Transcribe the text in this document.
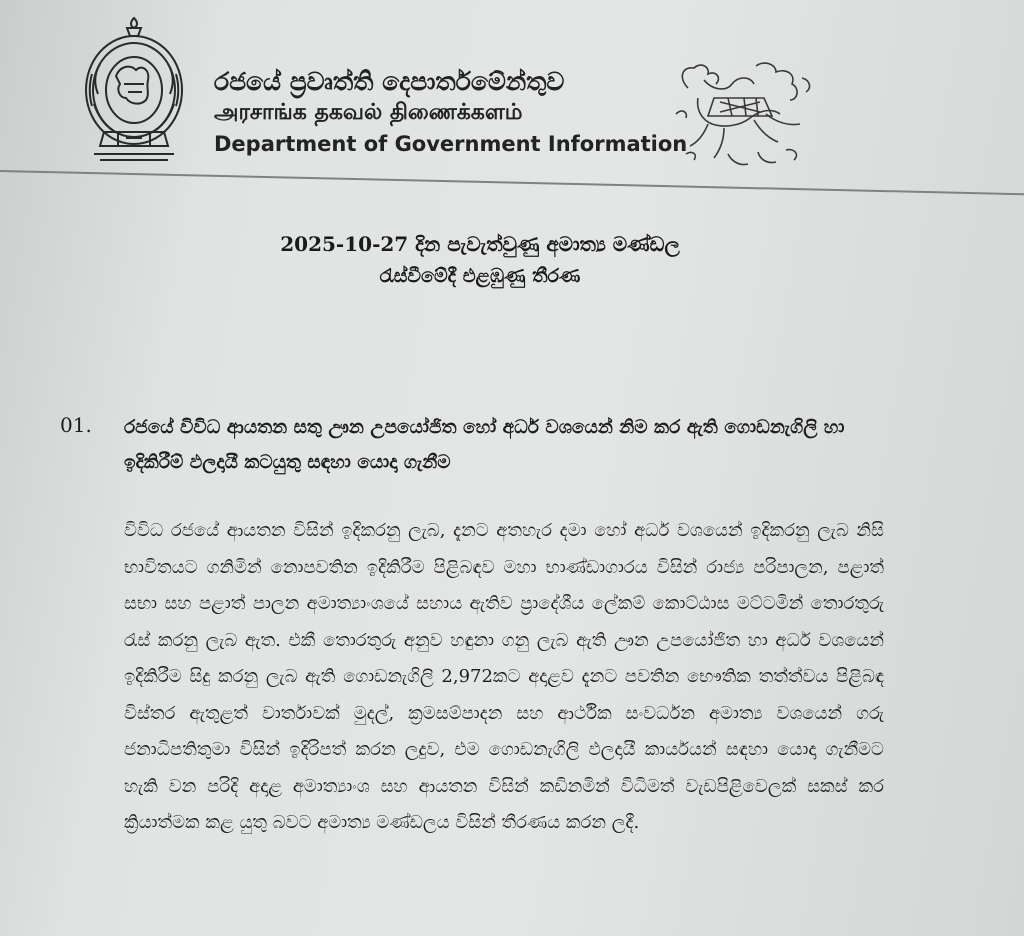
රජයේ ප්‍රවෘත්ති දෙපාර්තමේන්තුව
அரசாங்க தகவல் திணைக்களம்
Department of Government Information
2025-10-27 දින පැවැත්වුණු අමාත්‍ය මණ්ඩල
රැස්වීමේදී එළඹුණු තීරණ
01. රජයේ විවිධ ආයතන සතු ඌන උපයෝජිත හෝ අර්ධ වශයෙන් නිම කර ඇති ගොඩනැගිලි හා ඉදිකිරීම් ඵලදායී කටයුතු සඳහා යොදා ගැනීම
විවිධ රජයේ ආයතන විසින් ඉදිකරනු ලැබ, දැනට අතහැර දමා හෝ අර්ධ වශයෙන් ඉදිකරනු ලැබ නිසි භාවිතයට ගනිමින් නොපවතින ඉදිකිරීම පිළිබඳව මහා භාණ්ඩාගාරය විසින් රාජ්‍ය පරිපාලන, පළාත් සභා සහ පළාත් පාලන අමාත්‍යාංශයේ සහාය ඇතිව ප්‍රාදේශීය ලේකම් කොට්ඨාස මට්ටමින් තොරතුරු රැස් කරනු ලැබ ඇත. එකී තොරතුරු අනුව හඳුනා ගනු ලැබ ඇති ඌන උපයෝජිත හා අර්ධ වශයෙන් ඉදිකිරීම සිදු කරනු ලැබ ඇති ගොඩනැගිලි 2,972කට අදාළව දැනට පවතින භෞතික තත්ත්වය පිළිබඳ විස්තර ඇතුළත් වාර්තාවක් මුදල්, ක්‍රමසම්පාදන සහ ආර්ථික සංවර්ධන අමාත්‍ය වශයෙන් ගරු ජනාධිපතිතුමා විසින් ඉදිරිපත් කරන ලදුව, එම ගොඩනැගිලි ඵලදායී කාර්යයන් සඳහා යොදා ගැනීමට හැකි වන පරිදි අදාළ අමාත්‍යාංශ සහ ආයතන විසින් කඩිනමින් විධිමත් වැඩපිළිවෙලක් සකස් කර ක්‍රියාත්මක කළ යුතු බවට අමාත්‍ය මණ්ඩලය විසින් තීරණය කරන ලදී.
